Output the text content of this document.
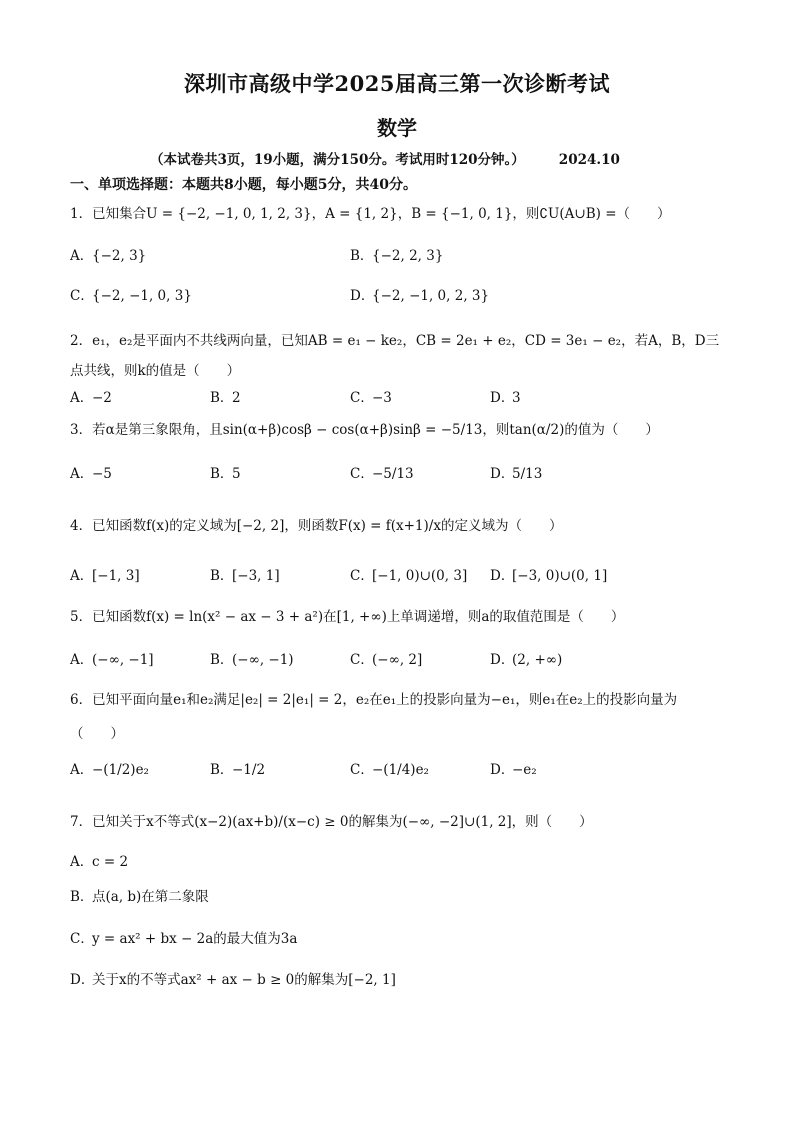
深圳市高级中学2025届高三第一次诊断考试
数学
（本试卷共3页，19小题，满分150分。考试用时120分钟。）	2024.10
一、单项选择题：本题共8小题，每小题5分，共40分。
1．已知集合U = {−2, −1, 0, 1, 2, 3}，A = {1, 2}，B = {−1, 0, 1}，则∁U(A∪B) =（　　）
A．{−2, 3}	B．{−2, 2, 3}
C．{−2, −1, 0, 3}	D．{−2, −1, 0, 2, 3}
2．e₁，e₂是平面内不共线两向量，已知AB = e₁ − ke₂，CB = 2e₁ + e₂，CD = 3e₁ − e₂，若A，B，D三
点共线，则k的值是（　　）
A．−2	B．2	C．−3	D．3
3．若α是第三象限角，且sin(α+β)cosβ − cos(α+β)sinβ = −5/13，则tan(α/2)的值为（　　）
A．−5	B．5	C．−5/13	D．5/13
4．已知函数f(x)的定义域为[−2, 2]，则函数F(x) = f(x+1)/x的定义域为（　　）
A．[−1, 3]	B．[−3, 1]	C．[−1, 0)∪(0, 3] D．[−3, 0)∪(0, 1]
5．已知函数f(x) = ln(x² − ax − 3 + a²)在[1, +∞)上单调递增，则a的取值范围是（　　）
A．(−∞, −1]	B．(−∞, −1)	C．(−∞, 2]	D．(2, +∞)
6．已知平面向量e₁和e₂满足|e₂| = 2|e₁| = 2，e₂在e₁上的投影向量为−e₁，则e₁在e₂上的投影向量为
（　　）
A．−(1/2)e₂	B．−1/2	C．−(1/4)e₂	D．−e₂
7．已知关于x不等式(x−2)(ax+b)/(x−c) ≥ 0的解集为(−∞, −2]∪(1, 2]，则（　　）
A．c = 2
B．点(a, b)在第二象限
C．y = ax² + bx − 2a的最大值为3a
D．关于x的不等式ax² + ax − b ≥ 0的解集为[−2, 1]
